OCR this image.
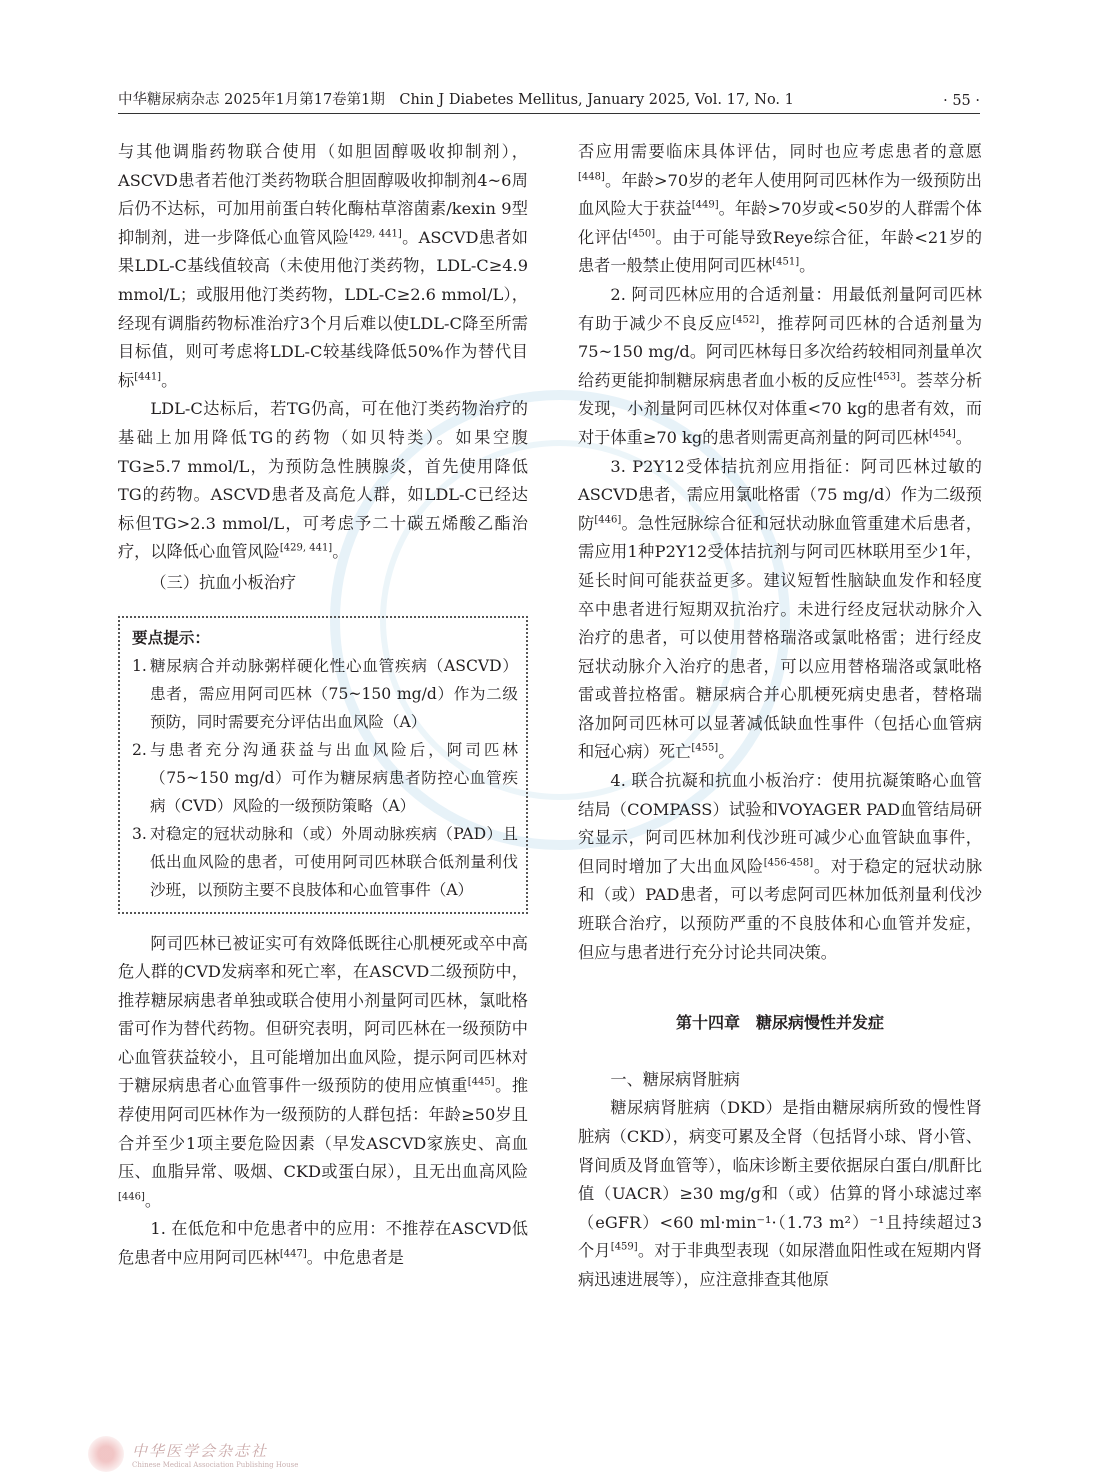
中华糖尿病杂志 2025年1月第17卷第1期　Chin J Diabetes Mellitus, January 2025, Vol. 17, No. 1	· 55 ·

与其他调脂药物联合使用（如胆固醇吸收抑制剂），ASCVD患者若他汀类药物联合胆固醇吸收抑制剂4~6周后仍不达标，可加用前蛋白转化酶枯草溶菌素/kexin 9型抑制剂，进一步降低心血管风险[429, 441]。ASCVD患者如果LDL-C基线值较高（未使用他汀类药物，LDL-C≥4.9 mmol/L；或服用他汀类药物，LDL-C≥2.6 mmol/L），经现有调脂药物标准治疗3个月后难以使LDL-C降至所需目标值，则可考虑将LDL-C较基线降低50%作为替代目标[441]。

LDL-C达标后，若TG仍高，可在他汀类药物治疗的基础上加用降低TG的药物（如贝特类）。如果空腹TG≥5.7 mmol/L，为预防急性胰腺炎，首先使用降低TG的药物。ASCVD患者及高危人群，如LDL-C已经达标但TG>2.3 mmol/L，可考虑予二十碳五烯酸乙酯治疗，以降低心血管风险[429, 441]。

（三）抗血小板治疗

要点提示：
1. 糖尿病合并动脉粥样硬化性心血管疾病（ASCVD）患者，需应用阿司匹林（75~150 mg/d）作为二级预防，同时需要充分评估出血风险（A）
2. 与患者充分沟通获益与出血风险后，阿司匹林（75~150 mg/d）可作为糖尿病患者防控心血管疾病（CVD）风险的一级预防策略（A）
3. 对稳定的冠状动脉和（或）外周动脉疾病（PAD）且低出血风险的患者，可使用阿司匹林联合低剂量利伐沙班，以预防主要不良肢体和心血管事件（A）

阿司匹林已被证实可有效降低既往心肌梗死或卒中高危人群的CVD发病率和死亡率，在ASCVD二级预防中，推荐糖尿病患者单独或联合使用小剂量阿司匹林，氯吡格雷可作为替代药物。但研究表明，阿司匹林在一级预防中心血管获益较小，且可能增加出血风险，提示阿司匹林对于糖尿病患者心血管事件一级预防的使用应慎重[445]。推荐使用阿司匹林作为一级预防的人群包括：年龄≥50岁且合并至少1项主要危险因素（早发ASCVD家族史、高血压、血脂异常、吸烟、CKD或蛋白尿），且无出血高风险[446]。

1. 在低危和中危患者中的应用：不推荐在ASCVD低危患者中应用阿司匹林[447]。中危患者是

否应用需要临床具体评估，同时也应考虑患者的意愿[448]。年龄>70岁的老年人使用阿司匹林作为一级预防出血风险大于获益[449]。年龄>70岁或<50岁的人群需个体化评估[450]。由于可能导致Reye综合征，年龄<21岁的患者一般禁止使用阿司匹林[451]。

2. 阿司匹林应用的合适剂量：用最低剂量阿司匹林有助于减少不良反应[452]，推荐阿司匹林的合适剂量为75~150 mg/d。阿司匹林每日多次给药较相同剂量单次给药更能抑制糖尿病患者血小板的反应性[453]。荟萃分析发现，小剂量阿司匹林仅对体重<70 kg的患者有效，而对于体重≥70 kg的患者则需更高剂量的阿司匹林[454]。

3. P2Y12受体拮抗剂应用指征：阿司匹林过敏的ASCVD患者，需应用氯吡格雷（75 mg/d）作为二级预防[446]。急性冠脉综合征和冠状动脉血管重建术后患者，需应用1种P2Y12受体拮抗剂与阿司匹林联用至少1年，延长时间可能获益更多。建议短暂性脑缺血发作和轻度卒中患者进行短期双抗治疗。未进行经皮冠状动脉介入治疗的患者，可以使用替格瑞洛或氯吡格雷；进行经皮冠状动脉介入治疗的患者，可以应用替格瑞洛或氯吡格雷或普拉格雷。糖尿病合并心肌梗死病史患者，替格瑞洛加阿司匹林可以显著减低缺血性事件（包括心血管病和冠心病）死亡[455]。

4. 联合抗凝和抗血小板治疗：使用抗凝策略心血管结局（COMPASS）试验和VOYAGER PAD血管结局研究显示，阿司匹林加利伐沙班可减少心血管缺血事件，但同时增加了大出血风险[456-458]。对于稳定的冠状动脉和（或）PAD患者，可以考虑阿司匹林加低剂量利伐沙班联合治疗，以预防严重的不良肢体和心血管并发症，但应与患者进行充分讨论共同决策。

第十四章　糖尿病慢性并发症

一、糖尿病肾脏病

糖尿病肾脏病（DKD）是指由糖尿病所致的慢性肾脏病（CKD），病变可累及全肾（包括肾小球、肾小管、肾间质及肾血管等），临床诊断主要依据尿白蛋白/肌酐比值（UACR）≥30 mg/g和（或）估算的肾小球滤过率（eGFR）<60 ml·min⁻¹·（1.73 m²）⁻¹且持续超过3个月[459]。对于非典型表现（如尿潜血阳性或在短期内肾病迅速进展等），应注意排查其他原

中华医学会杂志社
Chinese Medical Association Publishing House
